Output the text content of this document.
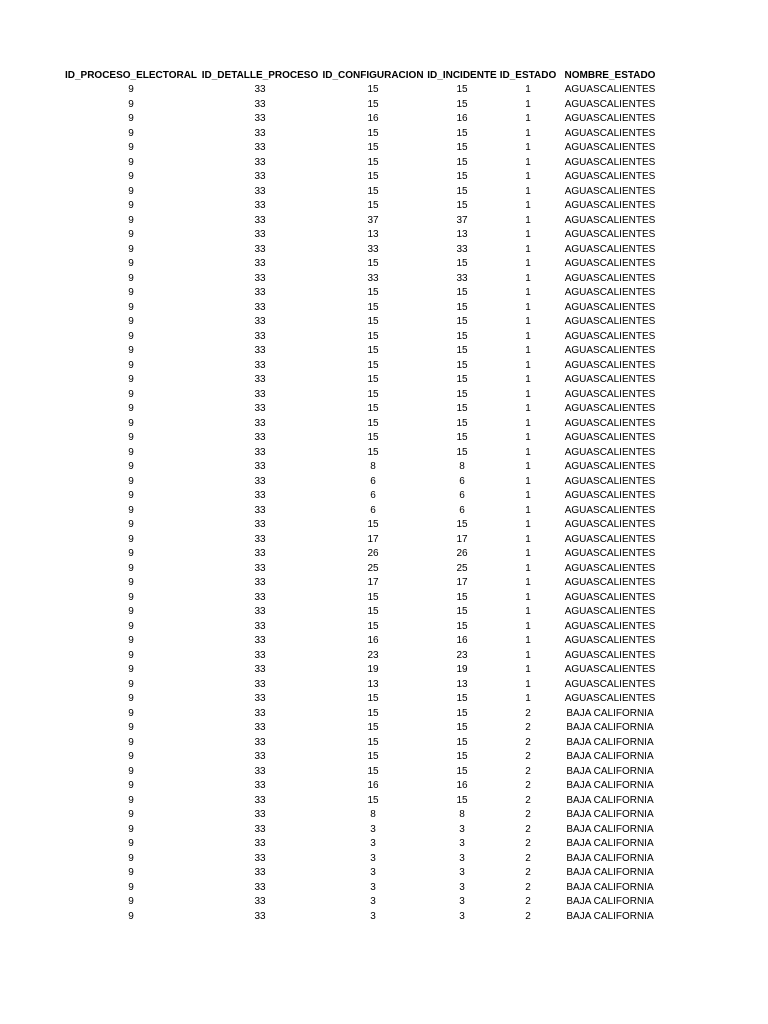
ID_PROCESO_ELECTORAL	ID_DETALLE_PROCESO	ID_CONFIGURACION	ID_INCIDENTE	ID_ESTADO	NOMBRE_ESTADO
9	33	15	15	1	AGUASCALIENTES
9	33	15	15	1	AGUASCALIENTES
9	33	16	16	1	AGUASCALIENTES
9	33	15	15	1	AGUASCALIENTES
9	33	15	15	1	AGUASCALIENTES
9	33	15	15	1	AGUASCALIENTES
9	33	15	15	1	AGUASCALIENTES
9	33	15	15	1	AGUASCALIENTES
9	33	15	15	1	AGUASCALIENTES
9	33	37	37	1	AGUASCALIENTES
9	33	13	13	1	AGUASCALIENTES
9	33	33	33	1	AGUASCALIENTES
9	33	15	15	1	AGUASCALIENTES
9	33	33	33	1	AGUASCALIENTES
9	33	15	15	1	AGUASCALIENTES
9	33	15	15	1	AGUASCALIENTES
9	33	15	15	1	AGUASCALIENTES
9	33	15	15	1	AGUASCALIENTES
9	33	15	15	1	AGUASCALIENTES
9	33	15	15	1	AGUASCALIENTES
9	33	15	15	1	AGUASCALIENTES
9	33	15	15	1	AGUASCALIENTES
9	33	15	15	1	AGUASCALIENTES
9	33	15	15	1	AGUASCALIENTES
9	33	15	15	1	AGUASCALIENTES
9	33	15	15	1	AGUASCALIENTES
9	33	8	8	1	AGUASCALIENTES
9	33	6	6	1	AGUASCALIENTES
9	33	6	6	1	AGUASCALIENTES
9	33	6	6	1	AGUASCALIENTES
9	33	15	15	1	AGUASCALIENTES
9	33	17	17	1	AGUASCALIENTES
9	33	26	26	1	AGUASCALIENTES
9	33	25	25	1	AGUASCALIENTES
9	33	17	17	1	AGUASCALIENTES
9	33	15	15	1	AGUASCALIENTES
9	33	15	15	1	AGUASCALIENTES
9	33	15	15	1	AGUASCALIENTES
9	33	16	16	1	AGUASCALIENTES
9	33	23	23	1	AGUASCALIENTES
9	33	19	19	1	AGUASCALIENTES
9	33	13	13	1	AGUASCALIENTES
9	33	15	15	1	AGUASCALIENTES
9	33	15	15	2	BAJA CALIFORNIA
9	33	15	15	2	BAJA CALIFORNIA
9	33	15	15	2	BAJA CALIFORNIA
9	33	15	15	2	BAJA CALIFORNIA
9	33	15	15	2	BAJA CALIFORNIA
9	33	16	16	2	BAJA CALIFORNIA
9	33	15	15	2	BAJA CALIFORNIA
9	33	8	8	2	BAJA CALIFORNIA
9	33	3	3	2	BAJA CALIFORNIA
9	33	3	3	2	BAJA CALIFORNIA
9	33	3	3	2	BAJA CALIFORNIA
9	33	3	3	2	BAJA CALIFORNIA
9	33	3	3	2	BAJA CALIFORNIA
9	33	3	3	2	BAJA CALIFORNIA
9	33	3	3	2	BAJA CALIFORNIA
